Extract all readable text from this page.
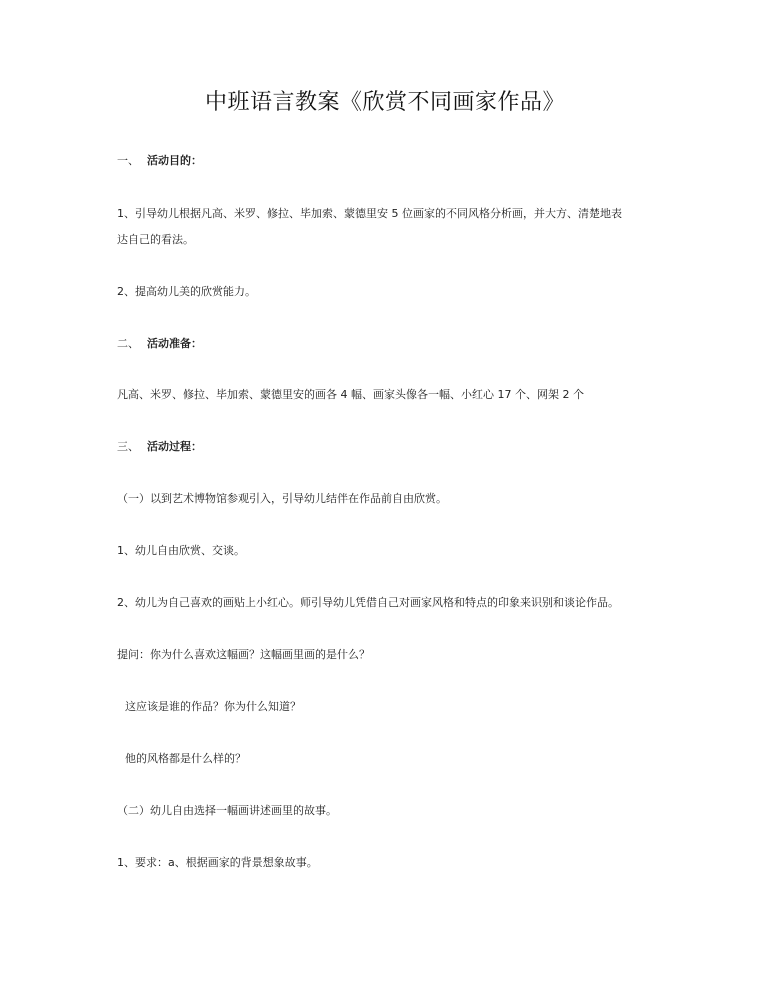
中班语言教案《欣赏不同画家作品》
一、 活动目的：
1、引导幼儿根据凡高、米罗、修拉、毕加索、蒙德里安 5 位画家的不同风格分析画，并大方、清楚地表
达自己的看法。
2、提高幼儿美的欣赏能力。
二、 活动准备：
凡高、米罗、修拉、毕加索、蒙德里安的画各 4 幅、画家头像各一幅、小红心 17 个、网架 2 个
三、 活动过程：
（一）以到艺术博物馆参观引入，引导幼儿结伴在作品前自由欣赏。
1、幼儿自由欣赏、交谈。
2、幼儿为自己喜欢的画贴上小红心。师引导幼儿凭借自己对画家风格和特点的印象来识别和谈论作品。
提问：你为什么喜欢这幅画？这幅画里画的是什么？
这应该是谁的作品？你为什么知道？
他的风格都是什么样的？
（二）幼儿自由选择一幅画讲述画里的故事。
1、要求：a、根据画家的背景想象故事。
